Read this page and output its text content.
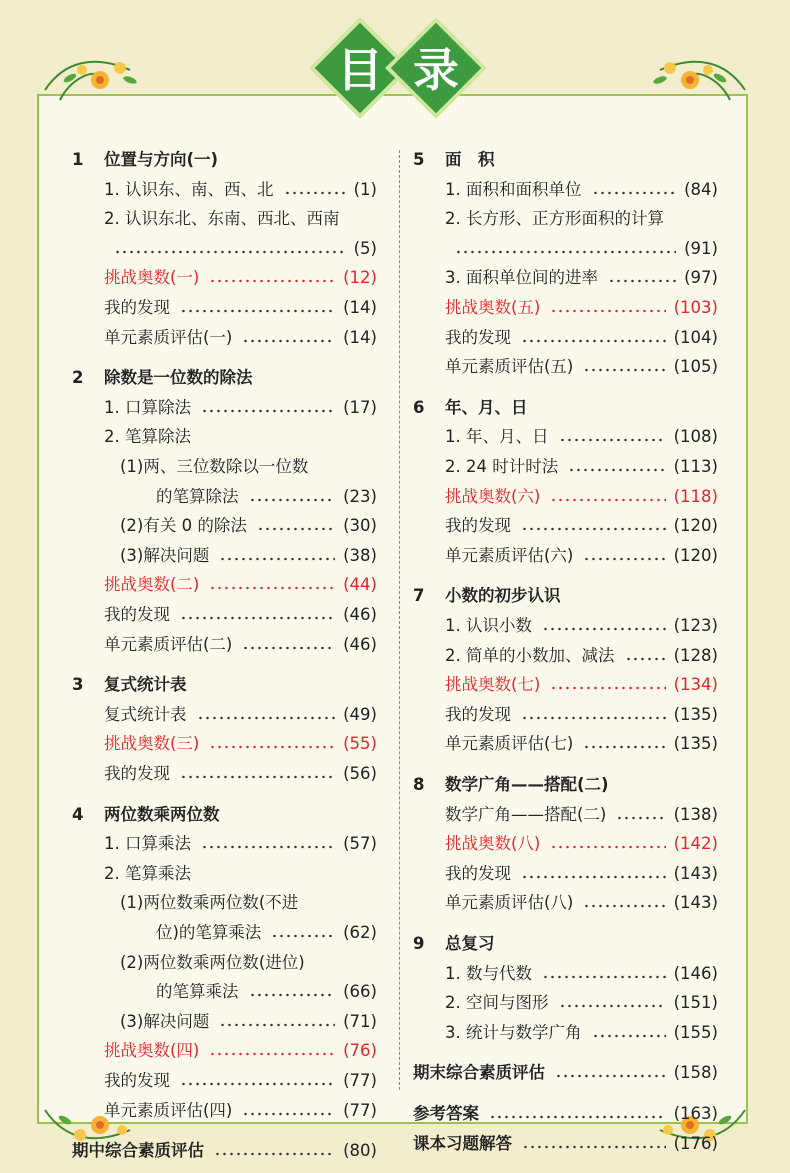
目 录
1 位置与方向(一)
1. 认识东、南、西、北	(1)
2. 认识东北、东南、西北、西南
(5)
挑战奥数(一)	(12)
我的发现	(14)
单元素质评估(一)	(14)
2 除数是一位数的除法
1. 口算除法	(17)
2. 笔算除法
(1)两、三位数除以一位数
的笔算除法	(23)
(2)有关 0 的除法	(30)
(3)解决问题	(38)
挑战奥数(二)	(44)
我的发现	(46)
单元素质评估(二)	(46)
3 复式统计表
复式统计表	(49)
挑战奥数(三)	(55)
我的发现	(56)
4 两位数乘两位数
1. 口算乘法	(57)
2. 笔算乘法
(1)两位数乘两位数(不进
位)的笔算乘法	(62)
(2)两位数乘两位数(进位)
的笔算乘法	(66)
(3)解决问题	(71)
挑战奥数(四)	(76)
我的发现	(77)
单元素质评估(四)	(77)
期中综合素质评估	(80)
5 面　积
1. 面积和面积单位	(84)
2. 长方形、正方形面积的计算
(91)
3. 面积单位间的进率	(97)
挑战奥数(五)	(103)
我的发现	(104)
单元素质评估(五)	(105)
6 年、月、日
1. 年、月、日	(108)
2. 24 时计时法	(113)
挑战奥数(六)	(118)
我的发现	(120)
单元素质评估(六)	(120)
7 小数的初步认识
1. 认识小数	(123)
2. 简单的小数加、减法	(128)
挑战奥数(七)	(134)
我的发现	(135)
单元素质评估(七)	(135)
8 数学广角——搭配(二)
数学广角——搭配(二)	(138)
挑战奥数(八)	(142)
我的发现	(143)
单元素质评估(八)	(143)
9 总复习
1. 数与代数	(146)
2. 空间与图形	(151)
3. 统计与数学广角	(155)
期末综合素质评估	(158)
参考答案	(163)
课本习题解答	(176)
